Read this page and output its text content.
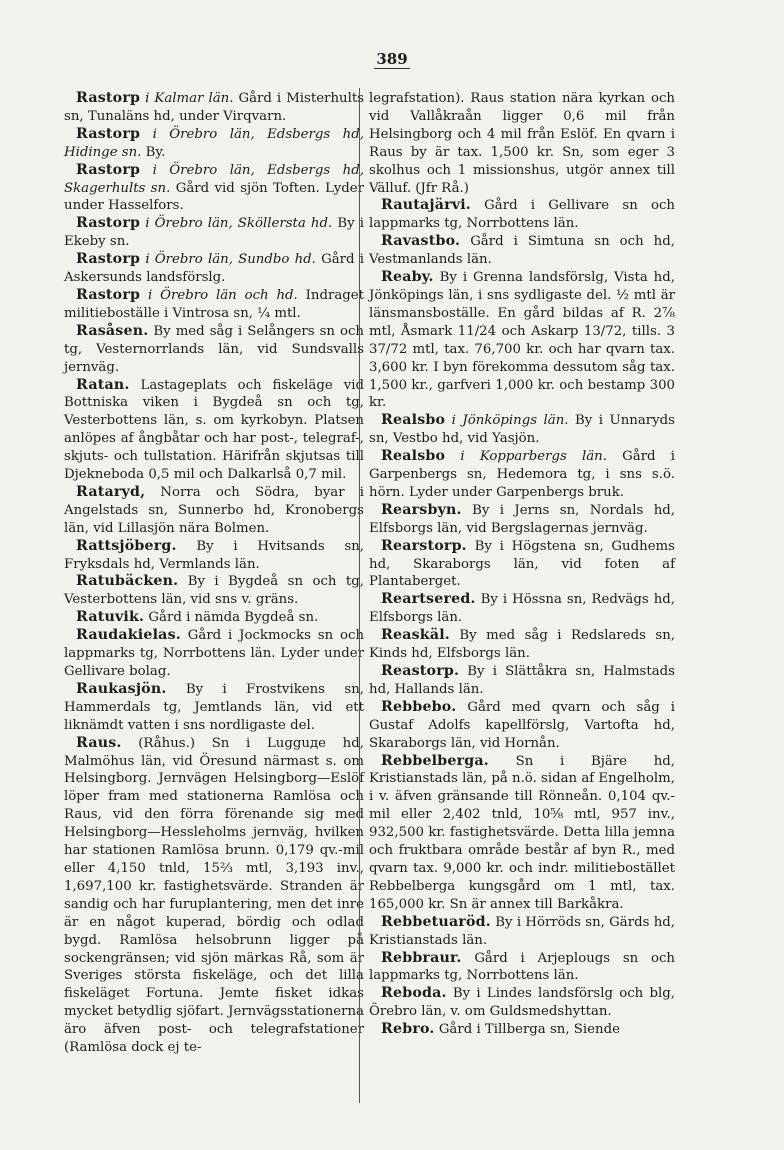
389

Rastorp i Kalmar län. Gård i Misterhults sn, Tunaläns hd, under Virqvarn.

Rastorp i Örebro län, Edsbergs hd, Hidinge sn. By.

Rastorp i Örebro län, Edsbergs hd, Skagerhults sn. Gård vid sjön Toften. Lyder under Hasselfors.

Rastorp i Örebro län, Sköllersta hd. By i Ekeby sn.

Rastorp i Örebro län, Sundbo hd. Gård i Askersunds landsförslg.

Rastorp i Örebro län och hd. Indraget militieboställe i Vintrosa sn, ¼ mtl.

Rasåsen. By med såg i Selångers sn och tg, Vesternorrlands län, vid Sundsvalls jernväg.

Ratan. Lastageplats och fiskeläge vid Bottniska viken i Bygdeå sn och tg, Vesterbottens län, s. om kyrkobyn. Platsen anlöpes af ångbåtar och har post-, telegraf-, skjuts- och tullstation. Härifrån skjutsas till Djekneboda 0,5 mil och Dalkarlså 0,7 mil.

Rataryd, Norra och Södra, byar i Angelstads sn, Sunnerbo hd, Kronobergs län, vid Lillasjön nära Bolmen.

Rattsjöberg. By i Hvitsands sn, Fryksdals hd, Vermlands län.

Ratubäcken. By i Bygdeå sn och tg, Vesterbottens län, vid sns v. gräns.

Ratuvik. Gård i nämda Bygdeå sn.

Raudakielas. Gård i Jockmocks sn och lappmarks tg, Norrbottens län. Lyder under Gellivare bolag.

Raukasjön. By i Frostvikens sn, Hammerdals tg, Jemtlands län, vid ett liknämdt vatten i sns nordligaste del.

Raus. (Råhus.) Sn i Lugguде hd, Malmöhus län, vid Öresund närmast s. om Helsingborg. Jernvägen Helsingborg—Eslöf löper fram med stationerna Ramlösa och Raus, vid den förra förenande sig med Helsingborg—Hessleholms jernväg, hvilken har stationen Ramlösa brunn. 0,179 qv.-mil eller 4,150 tnld, 15⅔ mtl, 3,193 inv., 1,697,100 kr. fastighetsvärde. Stranden är sandig och har furuplantering, men det inre är en något kuperad, bördig och odlad bygd. Ramlösa helsobrunn ligger på sockengränsen; vid sjön märkas Rå, som är Sveriges största fiskeläge, och det lilla fiskeläget Fortuna. Jemte fisket idkas mycket betydlig sjöfart. Jernvägsstationerna äro äfven post- och telegrafstationer (Ramlösa dock ej te-

legrafstation). Raus station nära kyrkan och vid Vallåkraån ligger 0,6 mil från Helsingborg och 4 mil från Eslöf. En qvarn i Raus by är tax. 1,500 kr. Sn, som eger 3 skolhus och 1 missionshus, utgör annex till Välluf. (Jfr Rå.)

Rautajärvi. Gård i Gellivare sn och lappmarks tg, Norrbottens län.

Ravastbo. Gård i Simtuna sn och hd, Vestmanlands län.

Reaby. By i Grenna landsförslg, Vista hd, Jönköpings län, i sns sydligaste del. ½ mtl är länsmansboställe. En gård bildas af R. 2⅞ mtl, Åsmark 11/24 och Askarp 13/72, tills. 3 37/72 mtl, tax. 76,700 kr. och har qvarn tax. 3,600 kr. I byn förekomma dessutom såg tax. 1,500 kr., garfveri 1,000 kr. och bestamp 300 kr.

Realsbo i Jönköpings län. By i Unnaryds sn, Vestbo hd, vid Yasjön.

Realsbo i Kopparbergs län. Gård i Garpenbergs sn, Hedemora tg, i sns s.ö. hörn. Lyder under Garpenbergs bruk.

Rearsbyn. By i Jerns sn, Nordals hd, Elfsborgs län, vid Bergslagernas jernväg.

Rearstorp. By i Högstena sn, Gudhems hd, Skaraborgs län, vid foten af Plantaberget.

Reartsered. By i Hössna sn, Redvägs hd, Elfsborgs län.

Reaskäl. By med såg i Redslareds sn, Kinds hd, Elfsborgs län.

Reastorp. By i Slättåkra sn, Halmstads hd, Hallands län.

Rebbebo. Gård med qvarn och såg i Gustaf Adolfs kapellförslg, Vartofta hd, Skaraborgs län, vid Hornån.

Rebbelberga. Sn i Bjäre hd, Kristianstads län, på n.ö. sidan af Engelholm, i v. äfven gränsande till Rönneån. 0,104 qv.-mil eller 2,402 tnld, 10⅝ mtl, 957 inv., 932,500 kr. fastighetsvärde. Detta lilla jemna och fruktbara område består af byn R., med qvarn tax. 9,000 kr. och indr. militiebostället Rebbelberga kungsgård om 1 mtl, tax. 165,000 kr. Sn är annex till Barkåkra.

Rebbetuaröd. By i Hörröds sn, Gärds hd, Kristianstads län.

Rebbraur. Gård i Arjeplougs sn och lappmarks tg, Norrbottens län.

Reboda. By i Lindes landsförslg och blg, Örebro län, v. om Guldsmedshyttan.

Rebro. Gård i Tillberga sn, Siende
